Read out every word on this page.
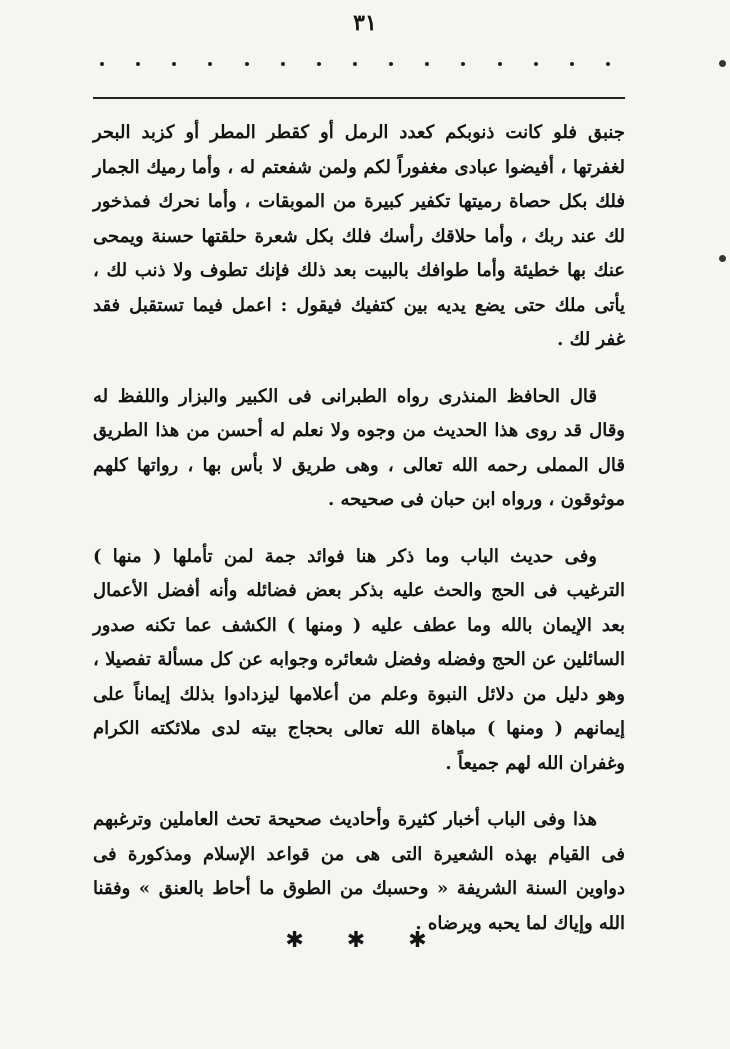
٣١

جنبق فلو كانت ذنوبكم كعدد الرمل أو كقطر المطر أو كزبد البحر لغفرتها ، أفيضوا عبادى مغفوراً لكم ولمن شفعتم له ، وأما رميك الجمار فلك بكل حصاة رميتها تكفير كبيرة من الموبقات ، وأما نحرك فمذخور لك عند ربك ، وأما حلاقك رأسك فلك بكل شعرة حلقتها حسنة ويمحى عنك بها خطيئة وأما طوافك بالبيت بعد ذلك فإنك تطوف ولا ذنب لك ، يأتى ملك حتى يضع يديه بين كتفيك فيقول : اعمل فيما تستقبل فقد غفر لك .

قال الحافظ المنذرى رواه الطبرانى فى الكبير والبزار واللفظ له وقال قد روى هذا الحديث من وجوه ولا نعلم له أحسن من هذا الطريق قال المملى رحمه الله تعالى ، وهى طريق لا بأس بها ، رواتها كلهم موثوقون ، ورواه ابن حبان فى صحيحه .

وفى حديث الباب وما ذكر هنا فوائد جمة لمن تأملها ( منها ) الترغيب فى الحج والحث عليه بذكر بعض فضائله وأنه أفضل الأعمال بعد الإيمان بالله وما عطف عليه ( ومنها ) الكشف عما تكنه صدور السائلين عن الحج وفضله وفضل شعائره وجوابه عن كل مسألة تفصيلا ، وهو دليل من دلائل النبوة وعلم من أعلامها ليزدادوا بذلك إيماناً على إيمانهم ( ومنها ) مباهاة الله تعالى بحجاج بيته لدى ملائكته الكرام وغفران الله لهم جميعاً .

هذا وفى الباب أخبار كثيرة وأحاديث صحيحة تحث العاملين وترغبهم فى القيام بهذه الشعيرة التى هى من قواعد الإسلام ومذكورة فى دواوين السنة الشريفة « وحسبك من الطوق ما أحاط بالعنق » وفقنا الله وإياك لما يحبه ويرضاه .

✱ ✱ ✱
